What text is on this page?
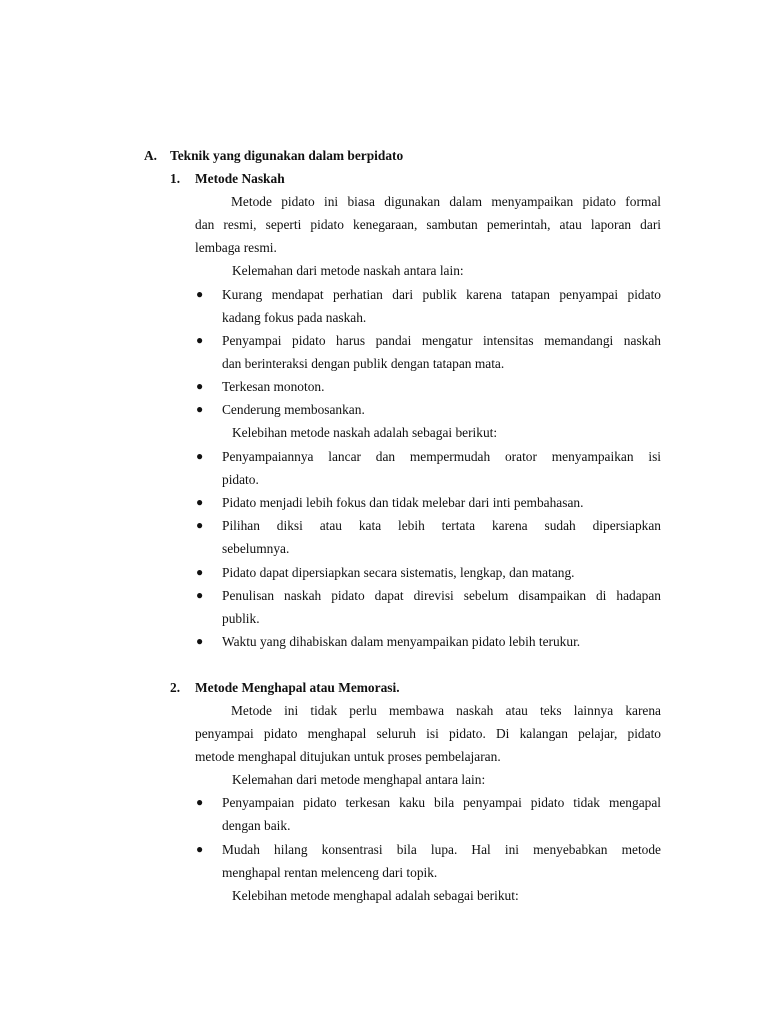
A. Teknik yang digunakan dalam berpidato
1. Metode Naskah
Metode pidato ini biasa digunakan dalam menyampaikan pidato formal
dan resmi, seperti pidato kenegaraan, sambutan pemerintah, atau laporan dari
lembaga resmi.
Kelemahan dari metode naskah antara lain:
● Kurang mendapat perhatian dari publik karena tatapan penyampai pidato
kadang fokus pada naskah.
● Penyampai pidato harus pandai mengatur intensitas memandangi naskah
dan berinteraksi dengan publik dengan tatapan mata.
● Terkesan monoton.
● Cenderung membosankan.
Kelebihan metode naskah adalah sebagai berikut:
● Penyampaiannya lancar dan mempermudah orator menyampaikan isi
pidato.
● Pidato menjadi lebih fokus dan tidak melebar dari inti pembahasan.
● Pilihan diksi atau kata lebih tertata karena sudah dipersiapkan
sebelumnya.
● Pidato dapat dipersiapkan secara sistematis, lengkap, dan matang.
● Penulisan naskah pidato dapat direvisi sebelum disampaikan di hadapan
publik.
● Waktu yang dihabiskan dalam menyampaikan pidato lebih terukur.
2. Metode Menghapal atau Memorasi.
Metode ini tidak perlu membawa naskah atau teks lainnya karena
penyampai pidato menghapal seluruh isi pidato. Di kalangan pelajar, pidato
metode menghapal ditujukan untuk proses pembelajaran.
Kelemahan dari metode menghapal antara lain:
● Penyampaian pidato terkesan kaku bila penyampai pidato tidak mengapal
dengan baik.
● Mudah hilang konsentrasi bila lupa. Hal ini menyebabkan metode
menghapal rentan melenceng dari topik.
Kelebihan metode menghapal adalah sebagai berikut:
